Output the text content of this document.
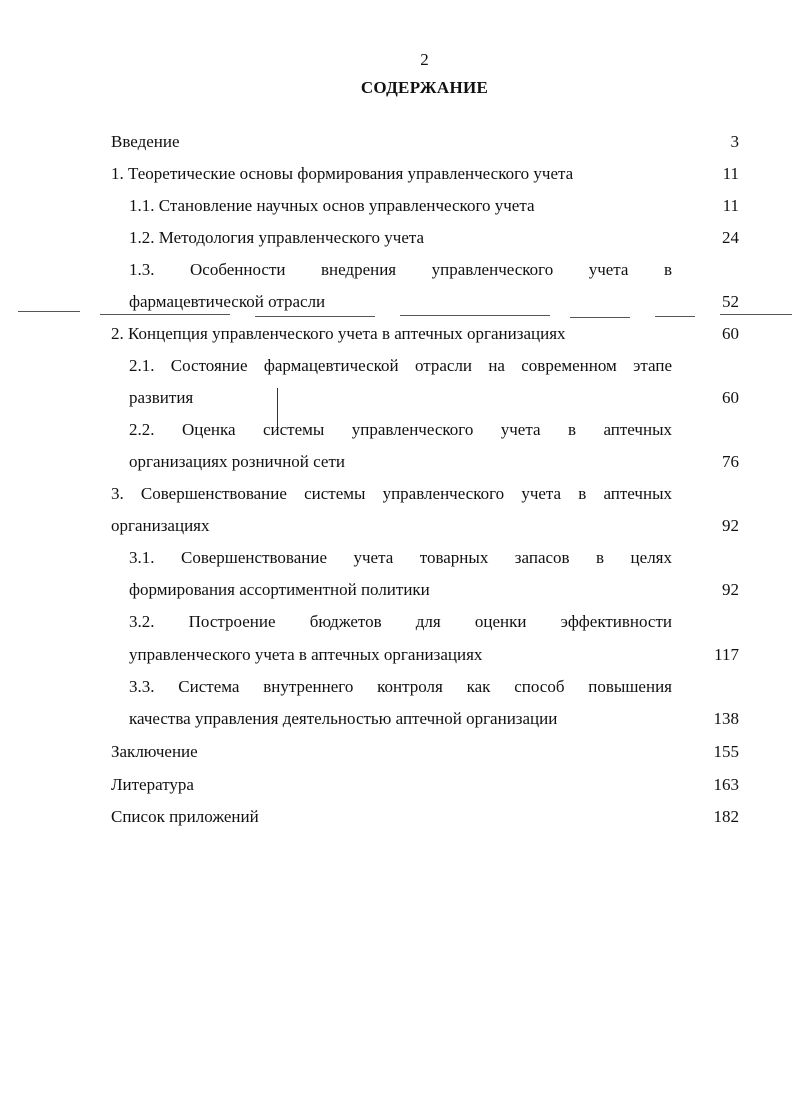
2
СОДЕРЖАНИЕ
Введение	3
1. Теоретические основы формирования управленческого учета	11
1.1. Становление научных основ управленческого учета	11
1.2. Методология управленческого учета	24
1.3. Особенности внедрения управленческого учета в
фармацевтической отрасли	52
2. Концепция управленческого учета в аптечных организациях	60
2.1. Состояние фармацевтической отрасли на современном этапе
развития	60
2.2. Оценка системы управленческого учета в аптечных
организациях розничной сети	76
3. Совершенствование системы управленческого учета в аптечных
организациях	92
3.1. Совершенствование учета товарных запасов в целях
формирования ассортиментной политики	92
3.2. Построение бюджетов для оценки эффективности
управленческого учета в аптечных организациях	117
3.3. Система внутреннего контроля как способ повышения
качества управления деятельностью аптечной организации	138
Заключение	155
Литература	163
Список приложений	182
